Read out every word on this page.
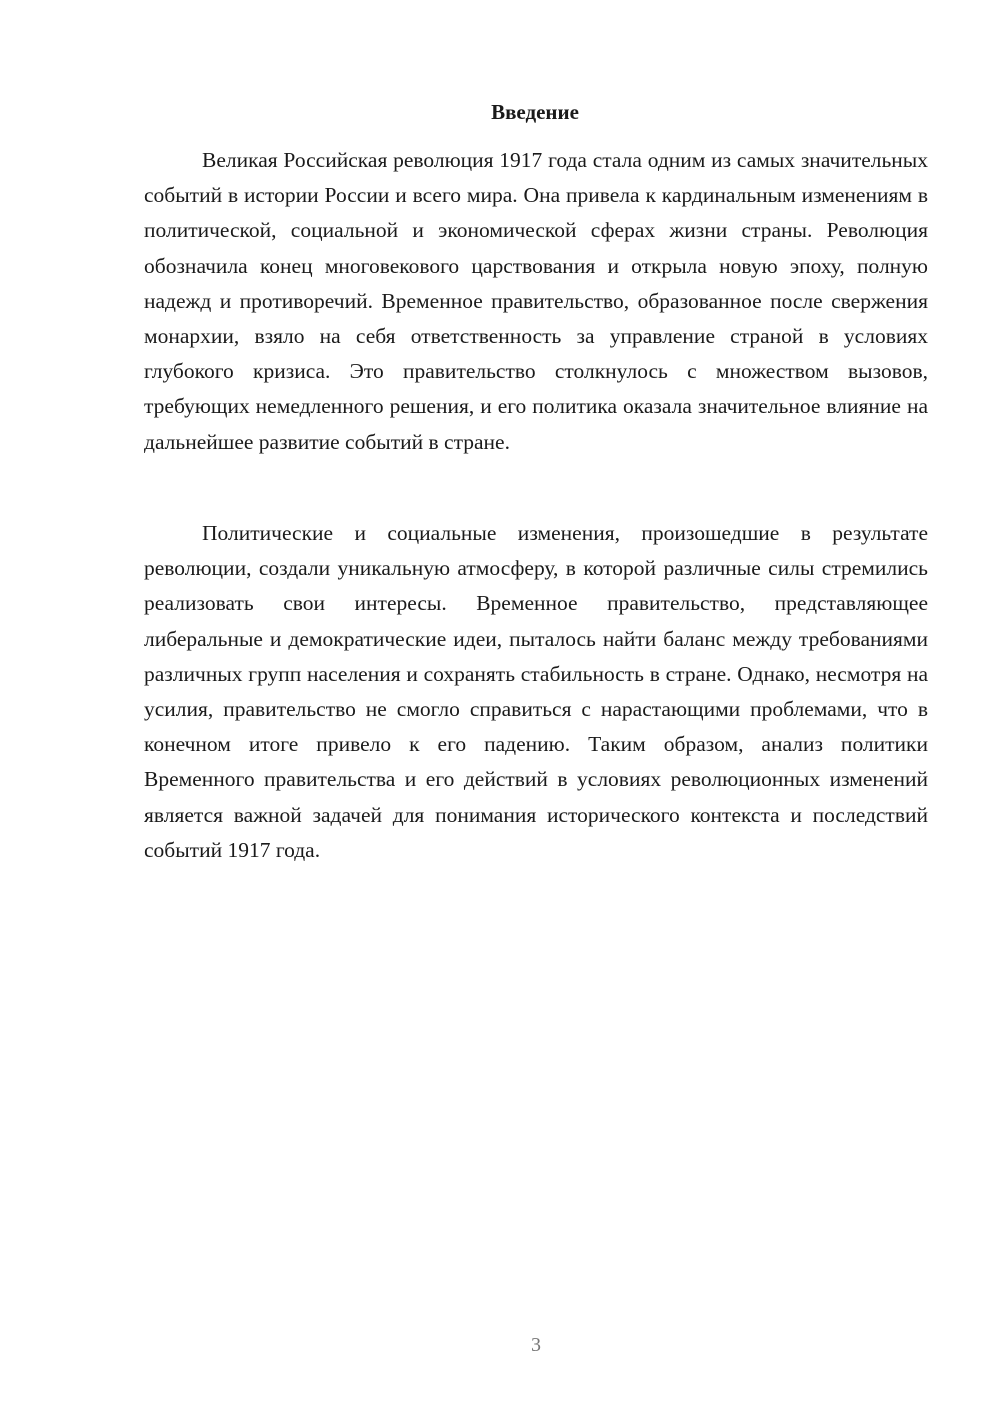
Введение

Великая Российская революция 1917 года стала одним из самых значительных событий в истории России и всего мира. Она привела к кардинальным изменениям в политической, социальной и экономической сферах жизни страны. Революция обозначила конец многовекового царствования и открыла новую эпоху, полную надежд и противоречий. Временное правительство, образованное после свержения монархии, взяло на себя ответственность за управление страной в условиях глубокого кризиса. Это правительство столкнулось с множеством вызовов, требующих немедленного решения, и его политика оказала значительное влияние на дальнейшее развитие событий в стране.

Политические и социальные изменения, произошедшие в результате революции, создали уникальную атмосферу, в которой различные силы стремились реализовать свои интересы. Временное правительство, представляющее либеральные и демократические идеи, пыталось найти баланс между требованиями различных групп населения и сохранять стабильность в стране. Однако, несмотря на усилия, правительство не смогло справиться с нарастающими проблемами, что в конечном итоге привело к его падению. Таким образом, анализ политики Временного правительства и его действий в условиях революционных изменений является важной задачей для понимания исторического контекста и последствий событий 1917 года.

3
